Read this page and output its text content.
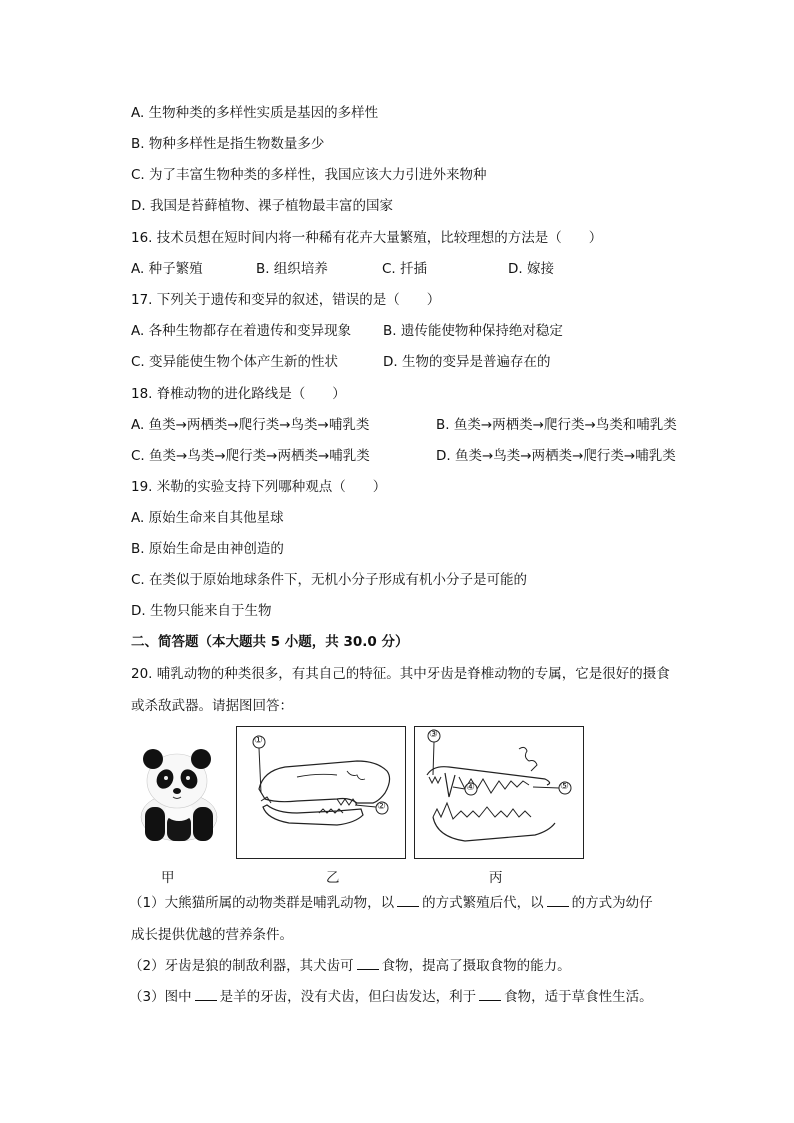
A. 生物种类的多样性实质是基因的多样性
B. 物种多样性是指生物数量多少
C. 为了丰富生物种类的多样性，我国应该大力引进外来物种
D. 我国是苔藓植物、裸子植物最丰富的国家
16. 技术员想在短时间内将一种稀有花卉大量繁殖，比较理想的方法是（　　）
A. 种子繁殖	B. 组织培养	C. 扦插	D. 嫁接
17. 下列关于遗传和变异的叙述，错误的是（　　）
A. 各种生物都存在着遗传和变异现象 B. 遗传能使物种保持绝对稳定
C. 变异能使生物个体产生新的性状	D. 生物的变异是普遍存在的
18. 脊椎动物的进化路线是（　　）
A. 鱼类→两栖类→爬行类→鸟类→哺乳类	B. 鱼类→两栖类→爬行类→鸟类和哺乳类
C. 鱼类→鸟类→爬行类→两栖类→哺乳类	D. 鱼类→鸟类→两栖类→爬行类→哺乳类
19. 米勒的实验支持下列哪种观点（　　）
A. 原始生命来自其他星球
B. 原始生命是由神创造的
C. 在类似于原始地球条件下，无机小分子形成有机小分子是可能的
D. 生物只能来自于生物
二、简答题（本大题共 5 小题，共 30.0 分）
20. 哺乳动物的种类很多，有其自己的特征。其中牙齿是脊椎动物的专属，它是很好的摄食
或杀敌武器。请据图回答：
甲
①
②
乙
③
④	⑤
丙
（1）大熊猫所属的动物类群是哺乳动物，以 的方式繁殖后代，以 的方式为幼仔
成长提供优越的营养条件。
（2）牙齿是狼的制敌利器，其犬齿可 食物，提高了摄取食物的能力。
（3）图中 是羊的牙齿，没有犬齿，但臼齿发达，利于 食物，适于草食性生活。
